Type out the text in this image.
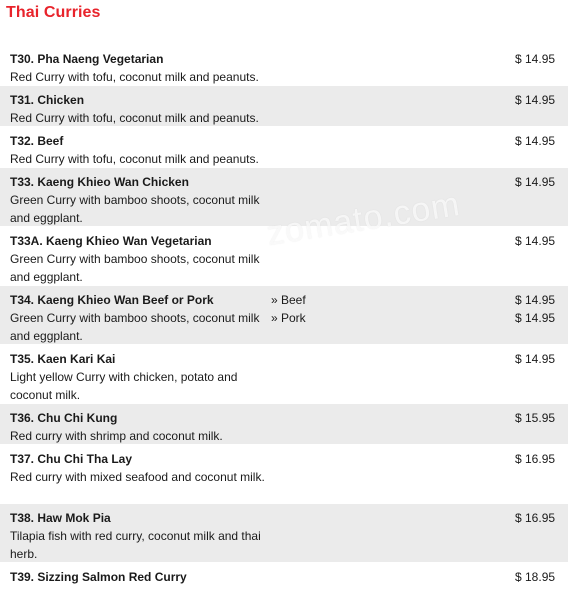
Thai Curries
T30. Pha Naeng Vegetarian
Red Curry with tofu, coconut milk and peanuts.
$ 14.95
T31. Chicken
Red Curry with tofu, coconut milk and peanuts.
$ 14.95
T32. Beef
Red Curry with tofu, coconut milk and peanuts.
$ 14.95
T33. Kaeng Khieo Wan Chicken
Green Curry with bamboo shoots, coconut milk and eggplant.
$ 14.95
T33A. Kaeng Khieo Wan Vegetarian
Green Curry with bamboo shoots, coconut milk and eggplant.
$ 14.95
T34. Kaeng Khieo Wan Beef or Pork
Green Curry with bamboo shoots, coconut milk and eggplant.
» Beef
» Pork
$ 14.95
$ 14.95
T35. Kaen Kari Kai
Light yellow Curry with chicken, potato and coconut milk.
$ 14.95
T36. Chu Chi Kung
Red curry with shrimp and coconut milk.
$ 15.95
T37. Chu Chi Tha Lay
Red curry with mixed seafood and coconut milk.
$ 16.95
T38. Haw Mok Pia
Tilapia fish with red curry, coconut milk and thai herb.
$ 16.95
T39. Sizzing Salmon Red Curry	$ 18.95
zomato.com
